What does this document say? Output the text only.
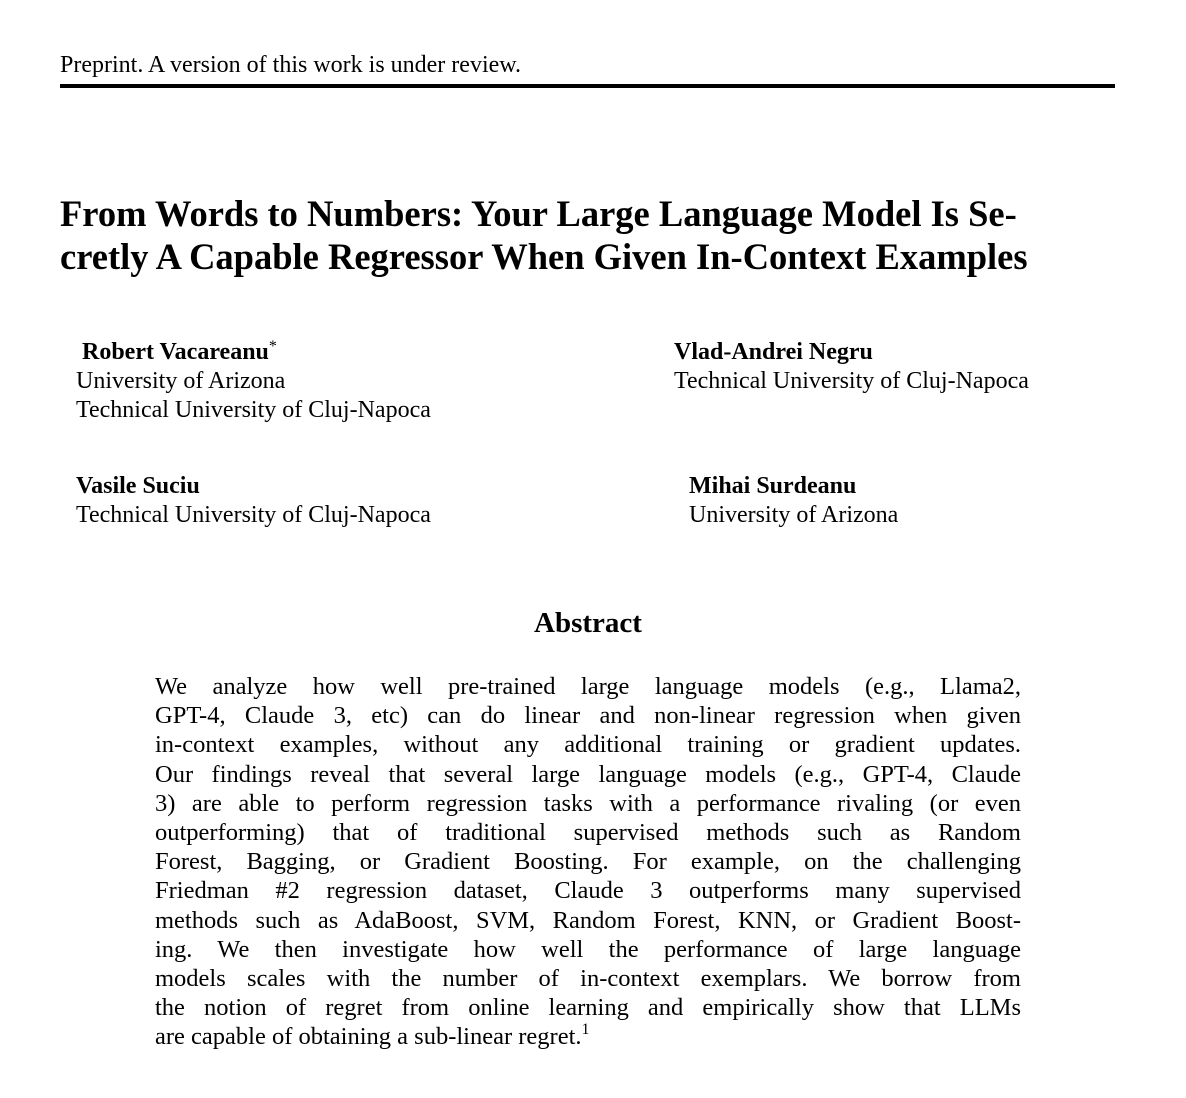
Preprint. A version of this work is under review.
From Words to Numbers: Your Large Language Model Is Se-
cretly A Capable Regressor When Given In-Context Examples
Robert Vacareanu*
University of Arizona
Technical University of Cluj-Napoca
Vlad-Andrei Negru
Technical University of Cluj-Napoca
Vasile Suciu
Technical University of Cluj-Napoca
Mihai Surdeanu
University of Arizona
Abstract
We analyze how well pre-trained large language models (e.g., Llama2,
GPT-4, Claude 3, etc) can do linear and non-linear regression when given
in-context examples, without any additional training or gradient updates.
Our findings reveal that several large language models (e.g., GPT-4, Claude
3) are able to perform regression tasks with a performance rivaling (or even
outperforming) that of traditional supervised methods such as Random
Forest, Bagging, or Gradient Boosting. For example, on the challenging
Friedman #2 regression dataset, Claude 3 outperforms many supervised
methods such as AdaBoost, SVM, Random Forest, KNN, or Gradient Boost-
ing. We then investigate how well the performance of large language
models scales with the number of in-context exemplars. We borrow from
the notion of regret from online learning and empirically show that LLMs
are capable of obtaining a sub-linear regret.$^1$
